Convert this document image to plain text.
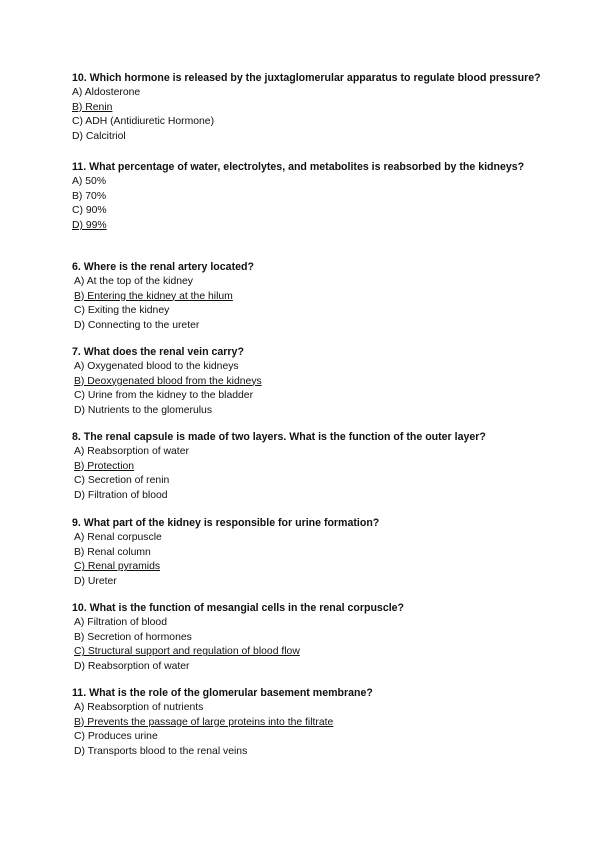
10. Which hormone is released by the juxtaglomerular apparatus to regulate blood pressure?

A) Aldosterone

B) Renin

C) ADH (Antidiuretic Hormone)

D) Calcitriol

11. What percentage of water, electrolytes, and metabolites is reabsorbed by the kidneys?

A) 50%

B) 70%

C) 90%

D) 99%

6. Where is the renal artery located?

A) At the top of the kidney

B) Entering the kidney at the hilum

C) Exiting the kidney

D) Connecting to the ureter

7. What does the renal vein carry?

A) Oxygenated blood to the kidneys

B) Deoxygenated blood from the kidneys

C) Urine from the kidney to the bladder

D) Nutrients to the glomerulus

8. The renal capsule is made of two layers. What is the function of the outer layer?

A) Reabsorption of water

B) Protection

C) Secretion of renin

D) Filtration of blood

9. What part of the kidney is responsible for urine formation?

A) Renal corpuscle

B) Renal column

C) Renal pyramids

D) Ureter

10. What is the function of mesangial cells in the renal corpuscle?

A) Filtration of blood

B) Secretion of hormones

C) Structural support and regulation of blood flow

D) Reabsorption of water

11. What is the role of the glomerular basement membrane?

A) Reabsorption of nutrients

B) Prevents the passage of large proteins into the filtrate

C) Produces urine

D) Transports blood to the renal veins
